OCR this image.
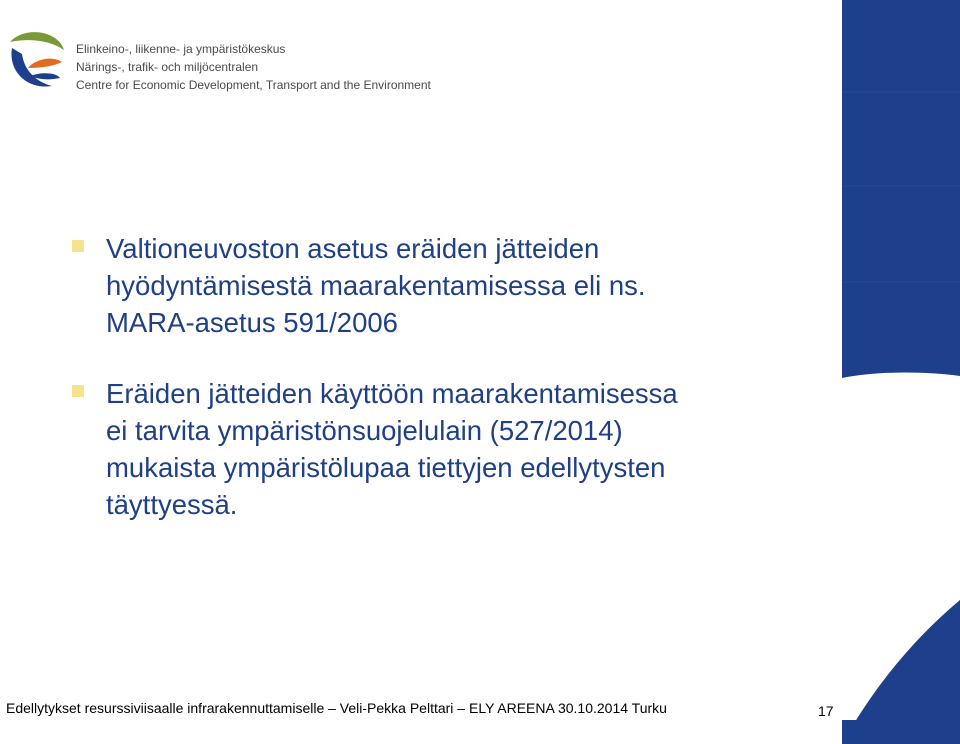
Elinkeino-, liikenne- ja ympäristökeskus
Närings-, trafik- och miljöcentralen
Centre for Economic Development, Transport and the Environment
Valtioneuvoston asetus eräiden jätteiden
hyödyntämisestä maarakentamisessa eli ns.
MARA-asetus 591/2006
Eräiden jätteiden käyttöön maarakentamisessa
ei tarvita ympäristönsuojelulain (527/2014)
mukaista ympäristölupaa tiettyjen edellytysten
täyttyessä.
Edellytykset resurssiviisaalle infrarakennuttamiselle – Veli-Pekka Pelttari – ELY AREENA 30.10.2014 Turku	17
